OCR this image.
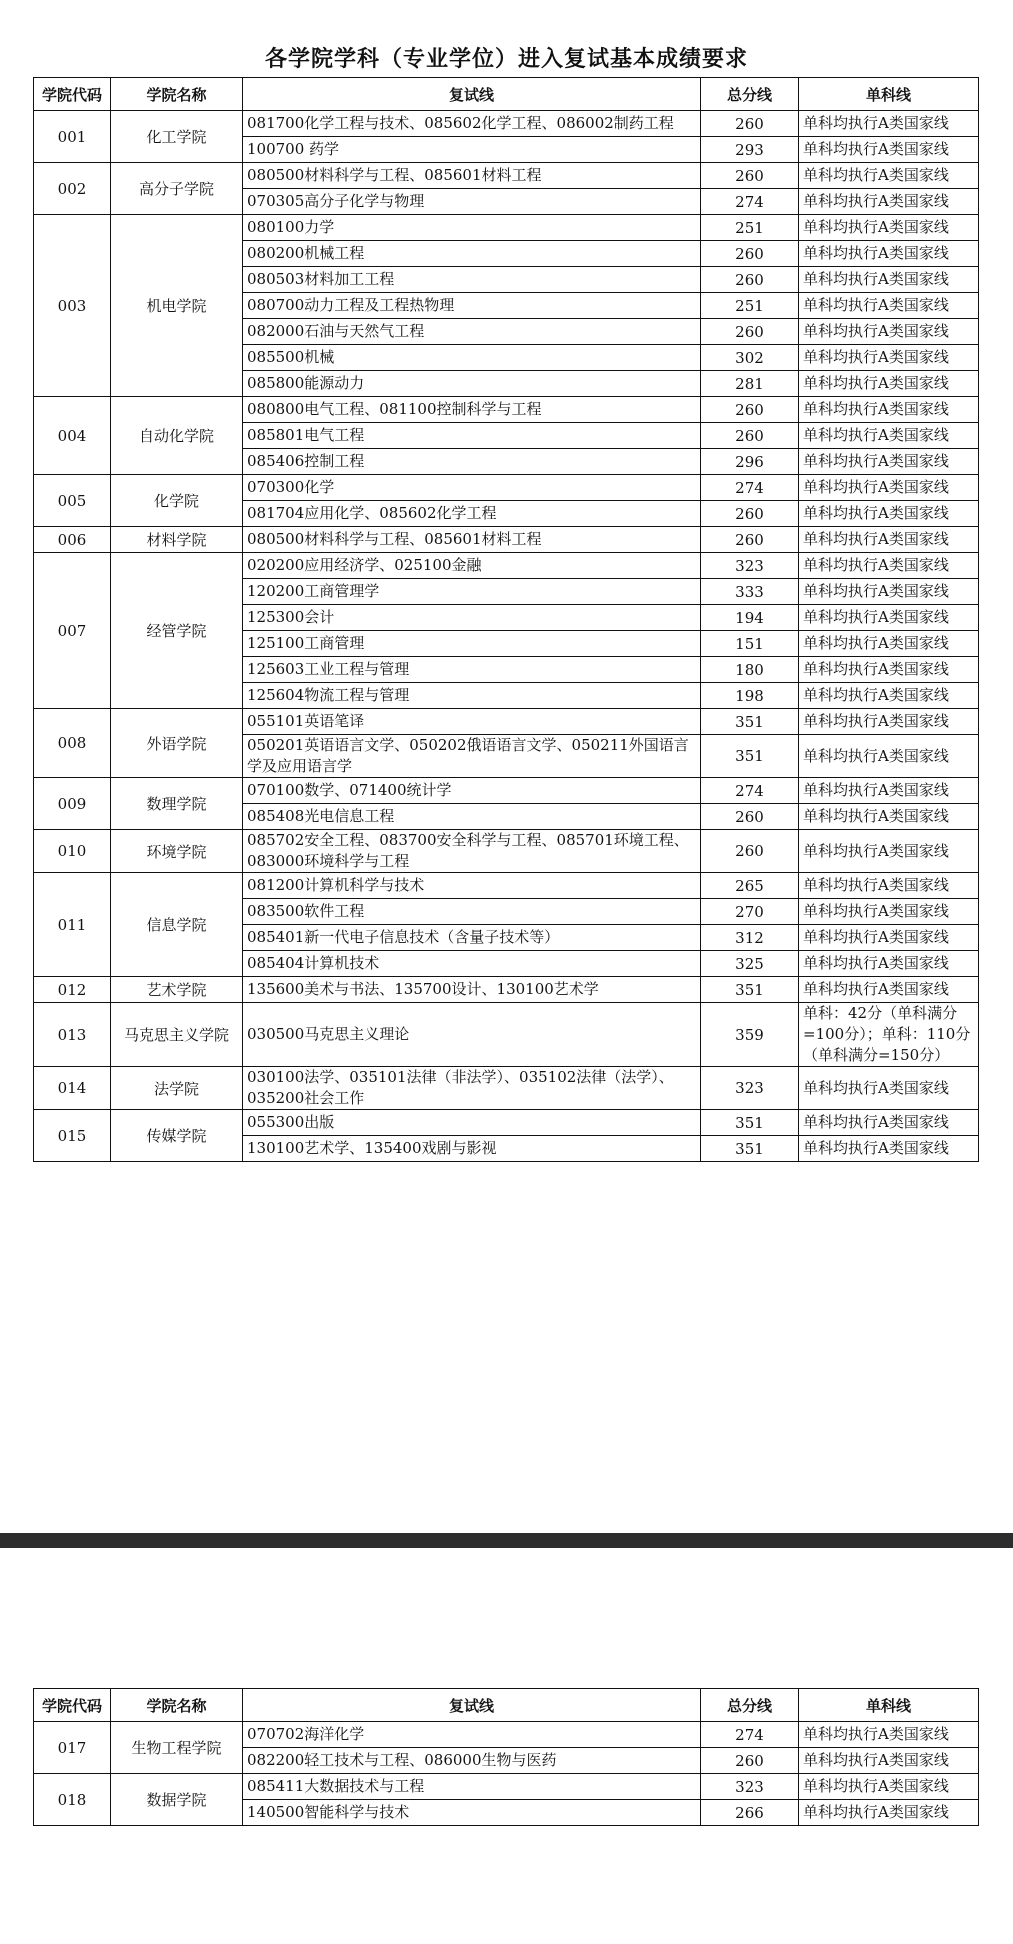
各学院学科（专业学位）进入复试基本成绩要求
学院代码	学院名称	复试线	总分线	单科线
001	化工学院	081700化学工程与技术、085602化学工程、086002制药工程	260	单科均执行A类国家线
		100700 药学	293	单科均执行A类国家线
002	高分子学院	080500材料科学与工程、085601材料工程	260	单科均执行A类国家线
		070305高分子化学与物理	274	单科均执行A类国家线
003	机电学院	080100力学	251	单科均执行A类国家线
		080200机械工程	260	单科均执行A类国家线
		080503材料加工工程	260	单科均执行A类国家线
		080700动力工程及工程热物理	251	单科均执行A类国家线
		082000石油与天然气工程	260	单科均执行A类国家线
		085500机械	302	单科均执行A类国家线
		085800能源动力	281	单科均执行A类国家线
004	自动化学院	080800电气工程、081100控制科学与工程	260	单科均执行A类国家线
		085801电气工程	260	单科均执行A类国家线
		085406控制工程	296	单科均执行A类国家线
005	化学院	070300化学	274	单科均执行A类国家线
		081704应用化学、085602化学工程	260	单科均执行A类国家线
006	材料学院	080500材料科学与工程、085601材料工程	260	单科均执行A类国家线
007	经管学院	020200应用经济学、025100金融	323	单科均执行A类国家线
		120200工商管理学	333	单科均执行A类国家线
		125300会计	194	单科均执行A类国家线
		125100工商管理	151	单科均执行A类国家线
		125603工业工程与管理	180	单科均执行A类国家线
		125604物流工程与管理	198	单科均执行A类国家线
008	外语学院	055101英语笔译	351	单科均执行A类国家线
		050201英语语言文学、050202俄语语言文学、050211外国语言学及应用语言学	351	单科均执行A类国家线
009	数理学院	070100数学、071400统计学	274	单科均执行A类国家线
		085408光电信息工程	260	单科均执行A类国家线
010	环境学院	085702安全工程、083700安全科学与工程、085701环境工程、083000环境科学与工程	260	单科均执行A类国家线
011	信息学院	081200计算机科学与技术	265	单科均执行A类国家线
		083500软件工程	270	单科均执行A类国家线
		085401新一代电子信息技术（含量子技术等）	312	单科均执行A类国家线
		085404计算机技术	325	单科均执行A类国家线
012	艺术学院	135600美术与书法、135700设计、130100艺术学	351	单科均执行A类国家线
013	马克思主义学院	030500马克思主义理论	359	单科：42分（单科满分=100分）；单科：110分（单科满分=150分）
014	法学院	030100法学、035101法律（非法学）、035102法律（法学）、035200社会工作	323	单科均执行A类国家线
015	传媒学院	055300出版	351	单科均执行A类国家线
		130100艺术学、135400戏剧与影视	351	单科均执行A类国家线
学院代码	学院名称	复试线	总分线	单科线
017	生物工程学院	070702海洋化学	274	单科均执行A类国家线
		082200轻工技术与工程、086000生物与医药	260	单科均执行A类国家线
018	数据学院	085411大数据技术与工程	323	单科均执行A类国家线
		140500智能科学与技术	266	单科均执行A类国家线
